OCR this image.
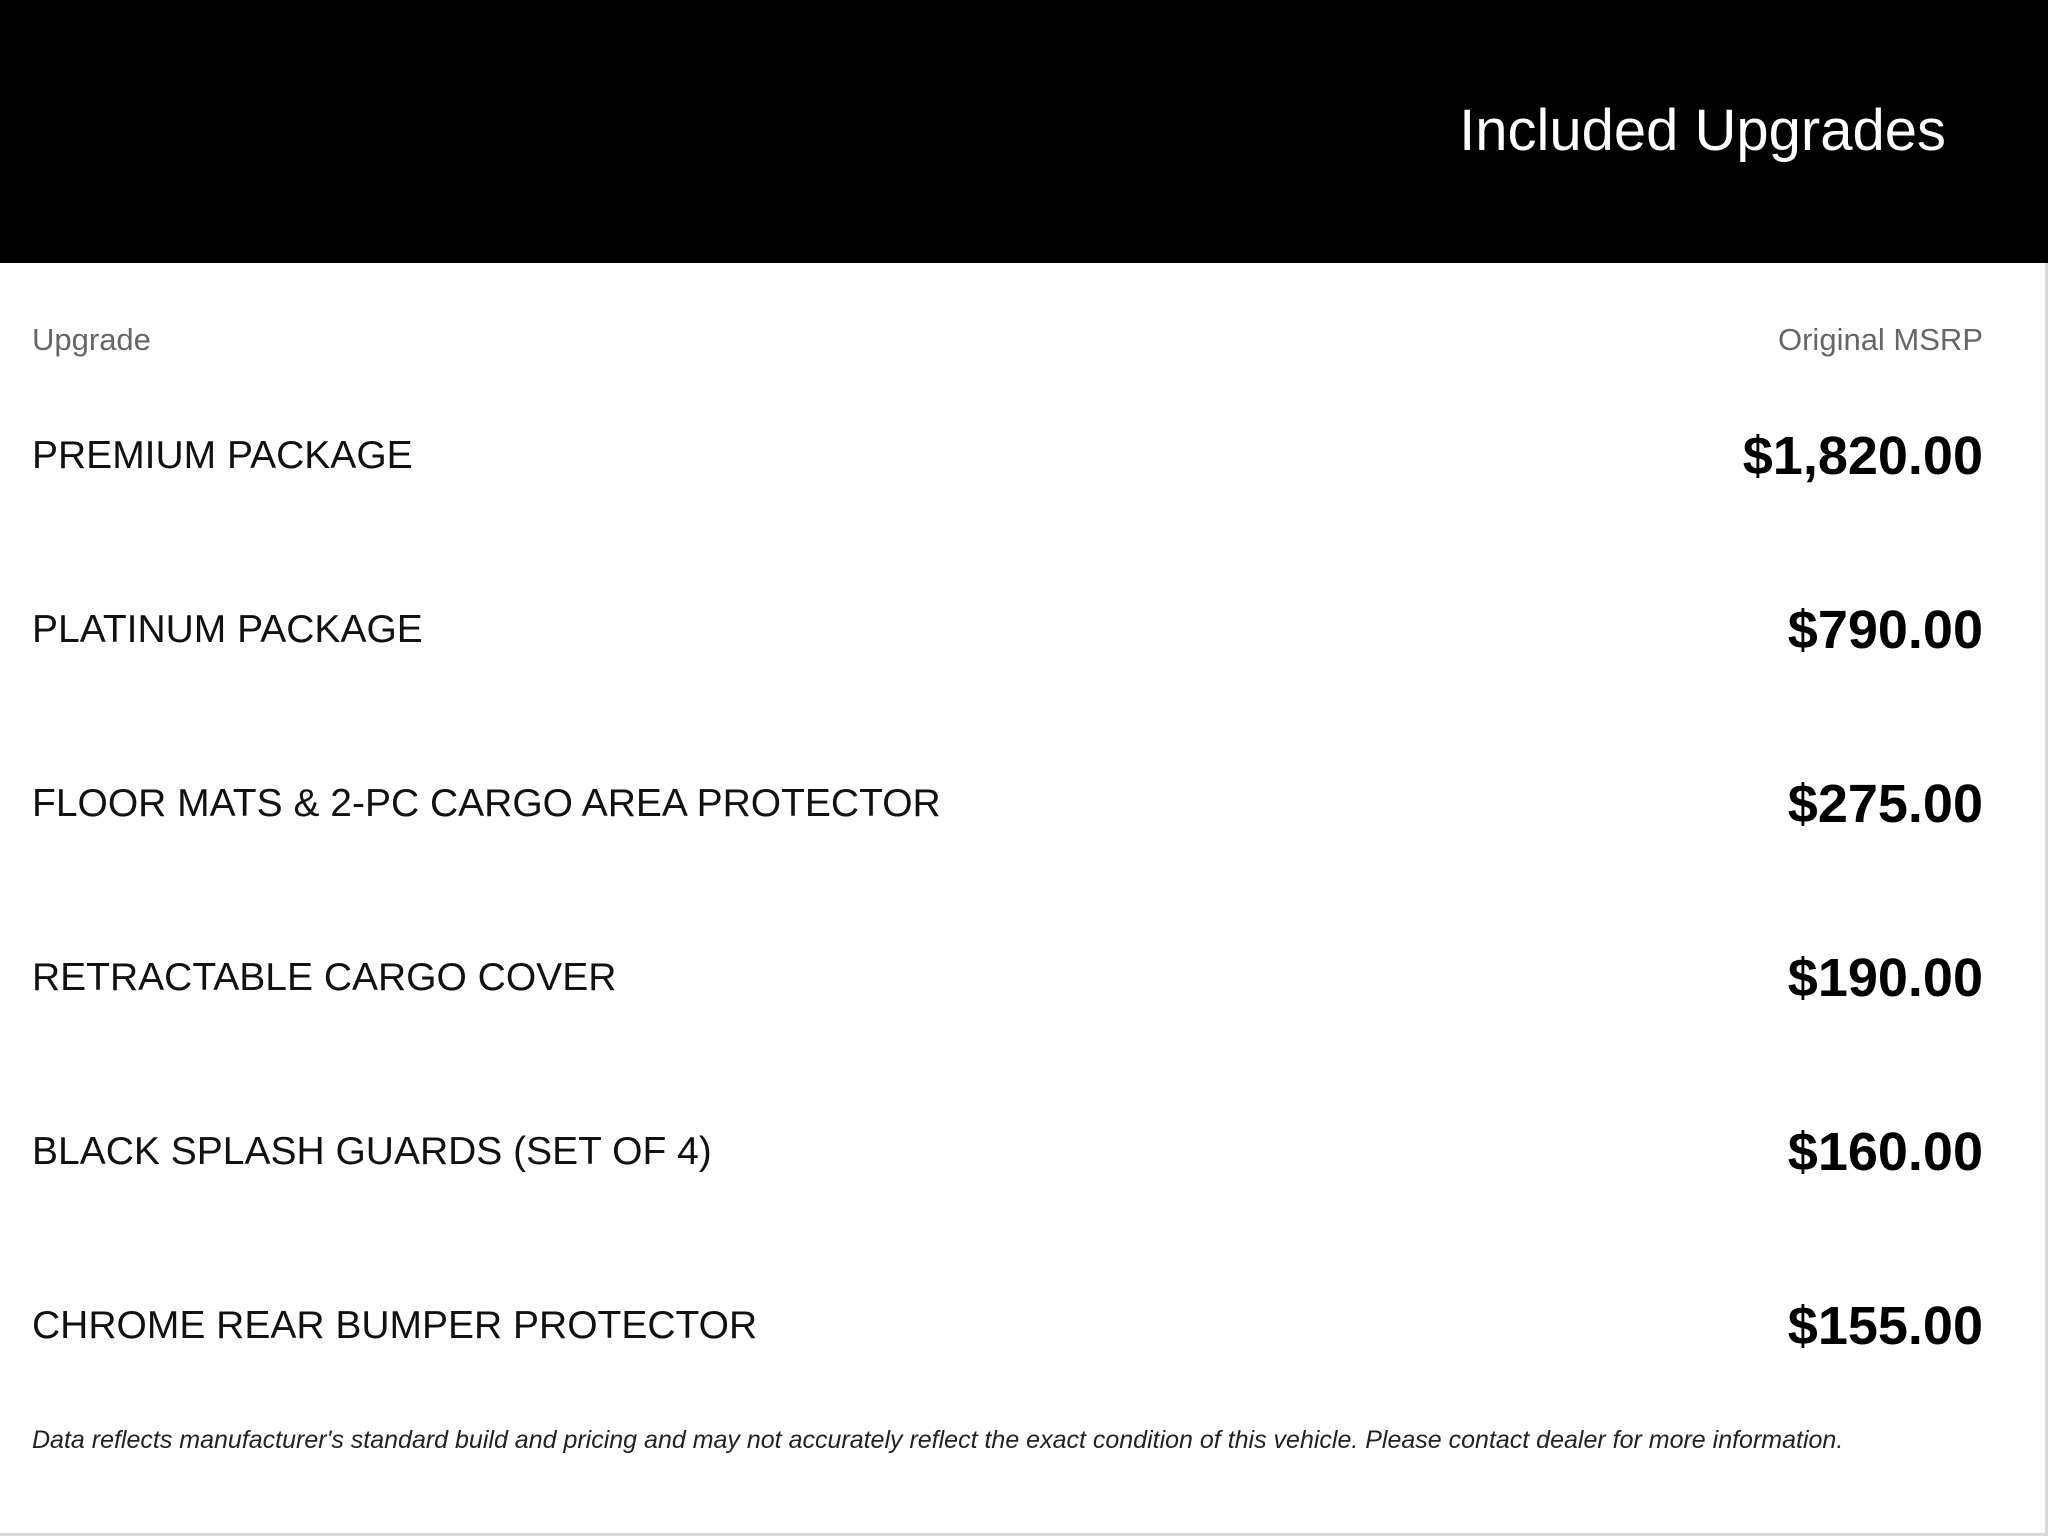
Included Upgrades
Upgrade	Original MSRP
PREMIUM PACKAGE	$1,820.00
PLATINUM PACKAGE	$790.00
FLOOR MATS & 2-PC CARGO AREA PROTECTOR	$275.00
RETRACTABLE CARGO COVER	$190.00
BLACK SPLASH GUARDS (SET OF 4)	$160.00
CHROME REAR BUMPER PROTECTOR	$155.00
Data reflects manufacturer's standard build and pricing and may not accurately reflect the exact condition of this vehicle. Please contact dealer for more information.
